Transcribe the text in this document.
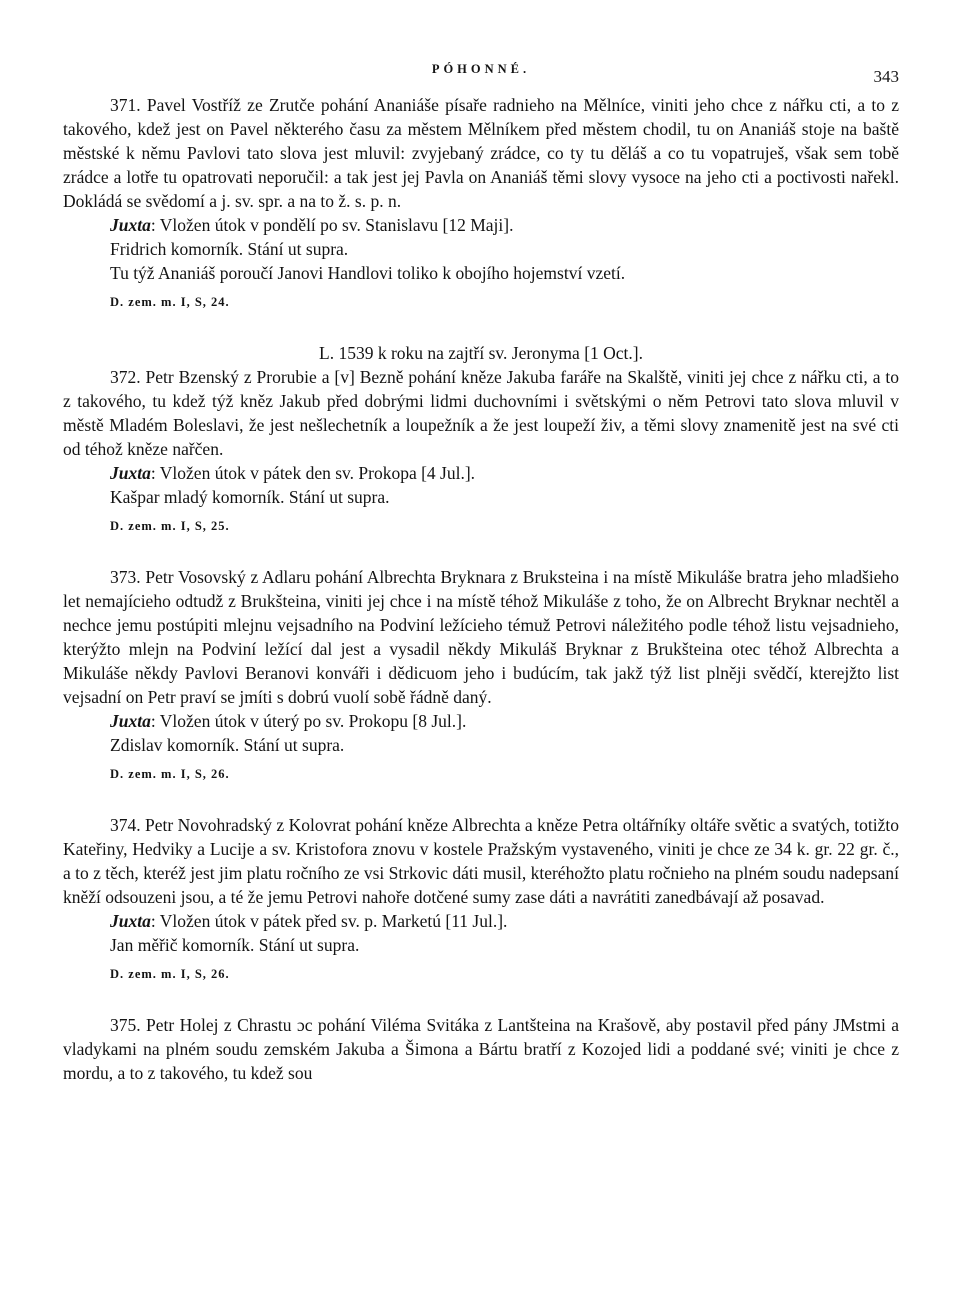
PÓHONNÉ.	343

371. Pavel Vostříž ze Zrutče pohání Ananiáše písaře radnieho na Mělníce, viniti jeho chce z nářku cti, a to z takového, kdež jest on Pavel některého času za městem Mělníkem před městem chodil, tu on Ananiáš stoje na baště městské k němu Pavlovi tato slova jest mluvil: zvyjebaný zrádce, co ty tu děláš a co tu vopatruješ, však sem tobě zrádce a lotře tu opatrovati neporučil: a tak jest jej Pavla on Ananiáš těmi slovy vysoce na jeho cti a poctivosti nařekl. Dokládá se svědomí a j. sv. spr. a na to ž. s. p. n.

Juxta: Vložen útok v pondělí po sv. Stanislavu [12 Maji].

Fridrich komorník. Stání ut supra.

Tu týž Ananiáš poroučí Janovi Handlovi toliko k obojího hojemství vzetí.

D. zem. m. I, S, 24.

L. 1539 k roku na zajtří sv. Jeronyma [1 Oct.].

372. Petr Bzenský z Prorubie a [v] Bezně pohání kněze Jakuba faráře na Skalště, viniti jej chce z nářku cti, a to z takového, tu kdež týž kněz Jakub před dobrými lidmi duchovními i světskými o něm Petrovi tato slova mluvil v městě Mladém Boleslavi, že jest nešlechetník a loupežník a že jest loupeží živ, a těmi slovy znamenitě jest na své cti od téhož kněze nařčen.

Juxta: Vložen útok v pátek den sv. Prokopa [4 Jul.].

Kašpar mladý komorník. Stání ut supra.

D. zem. m. I, S, 25.

373. Petr Vosovský z Adlaru pohání Albrechta Bryknara z Bruksteina i na místě Mikuláše bratra jeho mladšieho let nemajícieho odtudž z Brukšteina, viniti jej chce i na místě téhož Mikuláše z toho, že on Albrecht Bryknar nechtěl a nechce jemu postúpiti mlejnu vejsadního na Podviní ležícieho témuž Petrovi náležitého podle téhož listu vejsadnieho, kterýžto mlejn na Podviní ležící dal jest a vysadil někdy Mikuláš Bryknar z Brukšteina otec téhož Albrechta a Mikuláše někdy Pavlovi Beranovi konváři i dědicuom jeho i budúcím, tak jakž týž list plněji svědčí, kterejžto list vejsadní on Petr praví se jmíti s dobrú vuolí sobě řádně daný.

Juxta: Vložen útok v úterý po sv. Prokopu [8 Jul.].

Zdislav komorník. Stání ut supra.

D. zem. m. I, S, 26.

374. Petr Novohradský z Kolovrat pohání kněze Albrechta a kněze Petra oltářníky oltáře světic a svatých, totižto Kateřiny, Hedviky a Lucije a sv. Kristofora znovu v kostele Pražským vystaveného, viniti je chce ze 34 k. gr. 22 gr. č., a to z těch, kteréž jest jim platu ročního ze vsi Strkovic dáti musil, kteréhožto platu ročnieho na plném soudu nadepsaní kněží odsouzeni jsou, a té že jemu Petrovi nahoře dotčené sumy zase dáti a navrátiti zanedbávají až posavad.

Juxta: Vložen útok v pátek před sv. p. Marketú [11 Jul.].

Jan měřič komorník. Stání ut supra.

D. zem. m. I, S, 26.

375. Petr Holej z Chrastu ɔc pohání Viléma Svitáka z Lantšteina na Krašově, aby postavil před pány JMstmi a vladykami na plném soudu zemském Jakuba a Šimona a Bártu bratří z Kozojed lidi a poddané své; viniti je chce z mordu, a to z takového, tu kdež sou
